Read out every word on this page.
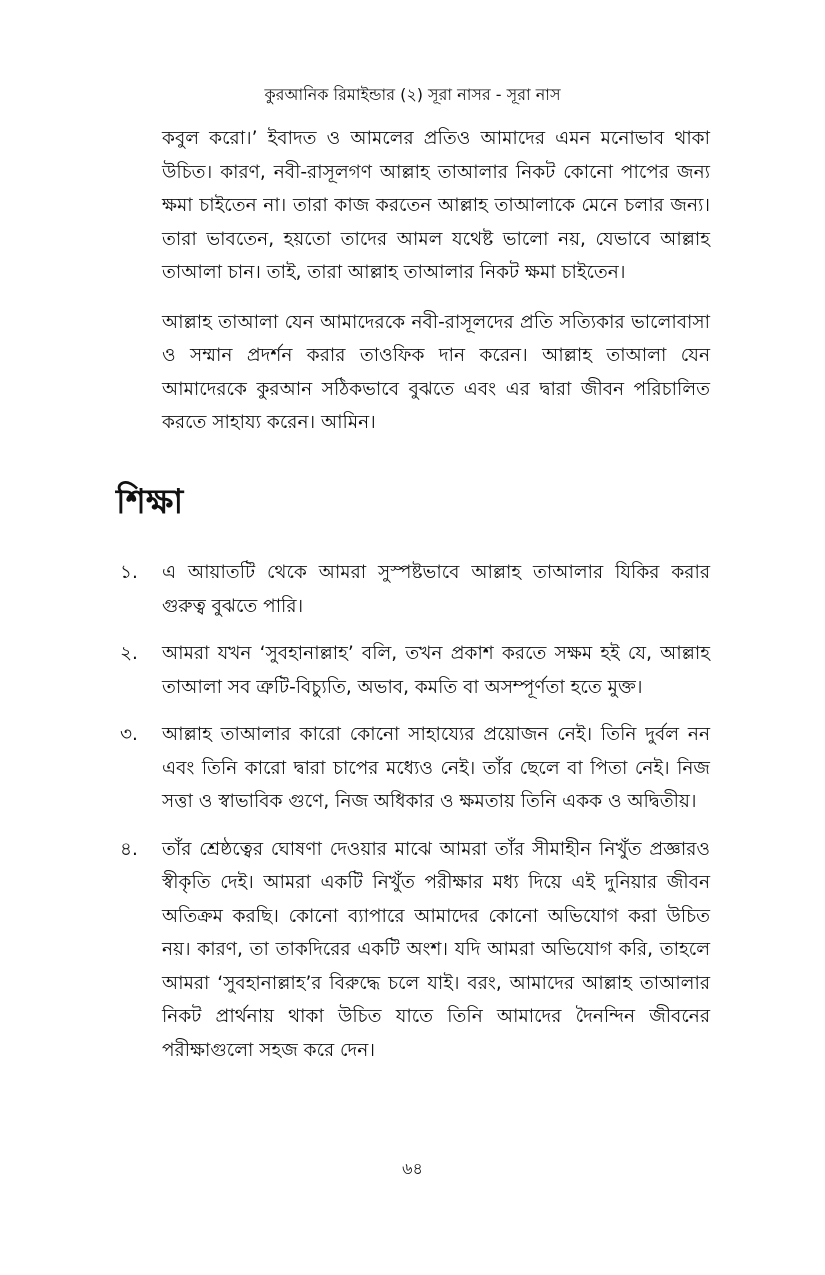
কুরআনিক রিমাইন্ডার (২) সূরা নাসর - সূরা নাস

কবুল করো।’ ইবাদত ও আমলের প্রতিও আমাদের এমন মনোভাব থাকা উচিত। কারণ, নবী-রাসূলগণ আল্লাহ তাআলার নিকট কোনো পাপের জন্য ক্ষমা চাইতেন না। তারা কাজ করতেন আল্লাহ তাআলাকে মেনে চলার জন্য। তারা ভাবতেন, হয়তো তাদের আমল যথেষ্ট ভালো নয়, যেভাবে আল্লাহ তাআলা চান। তাই, তারা আল্লাহ তাআলার নিকট ক্ষমা চাইতেন।

আল্লাহ তাআলা যেন আমাদেরকে নবী-রাসূলদের প্রতি সত্যিকার ভালোবাসা ও সম্মান প্রদর্শন করার তাওফিক দান করেন। আল্লাহ তাআলা যেন আমাদেরকে কুরআন সঠিকভাবে বুঝতে এবং এর দ্বারা জীবন পরিচালিত করতে সাহায্য করেন। আমিন।

শিক্ষা
১. এ আয়াতটি থেকে আমরা সুস্পষ্টভাবে আল্লাহ তাআলার যিকির করার গুরুত্ব বুঝতে পারি।
২. আমরা যখন ‘সুবহানাল্লাহ’ বলি, তখন প্রকাশ করতে সক্ষম হই যে, আল্লাহ তাআলা সব ত্রুটি-বিচ্যুতি, অভাব, কমতি বা অসম্পূর্ণতা হতে মুক্ত।
৩. আল্লাহ তাআলার কারো কোনো সাহায্যের প্রয়োজন নেই। তিনি দুর্বল নন এবং তিনি কারো দ্বারা চাপের মধ্যেও নেই। তাঁর ছেলে বা পিতা নেই। নিজ সত্তা ও স্বাভাবিক গুণে, নিজ অধিকার ও ক্ষমতায় তিনি একক ও অদ্বিতীয়।
৪. তাঁর শ্রেষ্ঠত্বের ঘোষণা দেওয়ার মাঝে আমরা তাঁর সীমাহীন নিখুঁত প্রজ্ঞারও স্বীকৃতি দেই। আমরা একটি নিখুঁত পরীক্ষার মধ্য দিয়ে এই দুনিয়ার জীবন অতিক্রম করছি। কোনো ব্যাপারে আমাদের কোনো অভিযোগ করা উচিত নয়। কারণ, তা তাকদিরের একটি অংশ। যদি আমরা অভিযোগ করি, তাহলে আমরা ‘সুবহানাল্লাহ’র বিরুদ্ধে চলে যাই। বরং, আমাদের আল্লাহ তাআলার নিকট প্রার্থনায় থাকা উচিত যাতে তিনি আমাদের দৈনন্দিন জীবনের পরীক্ষাগুলো সহজ করে দেন।
৬৪
